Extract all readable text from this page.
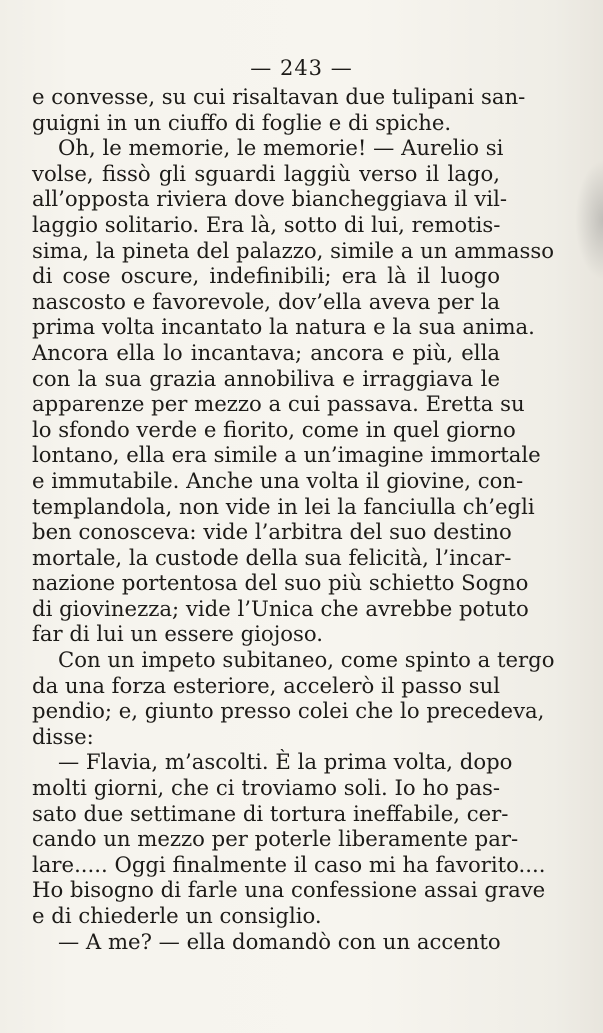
— 243 —
e convesse, su cui risaltavan due tulipani san-
guigni in un ciuffo di foglie e di spiche.
Oh, le memorie, le memorie! — Aurelio si
volse, fissò gli sguardi laggiù verso il lago,
all’opposta riviera dove biancheggiava il vil-
laggio solitario. Era là, sotto di lui, remotis-
sima, la pineta del palazzo, simile a un ammasso
di cose oscure, indefinibili; era là il luogo
nascosto e favorevole, dov’ella aveva per la
prima volta incantato la natura e la sua anima.
Ancora ella lo incantava; ancora e più, ella
con la sua grazia annobiliva e irraggiava le
apparenze per mezzo a cui passava. Eretta su
lo sfondo verde e fiorito, come in quel giorno
lontano, ella era simile a un’imagine immortale
e immutabile. Anche una volta il giovine, con-
templandola, non vide in lei la fanciulla ch’egli
ben conosceva: vide l’arbitra del suo destino
mortale, la custode della sua felicità, l’incar-
nazione portentosa del suo più schietto Sogno
di giovinezza; vide l’Unica che avrebbe potuto
far di lui un essere giojoso.
Con un impeto subitaneo, come spinto a tergo
da una forza esteriore, accelerò il passo sul
pendio; e, giunto presso colei che lo precedeva,
disse:
— Flavia, m’ascolti. È la prima volta, dopo
molti giorni, che ci troviamo soli. Io ho pas-
sato due settimane di tortura ineffabile, cer-
cando un mezzo per poterle liberamente par-
lare..... Oggi finalmente il caso mi ha favorito....
Ho bisogno di farle una confessione assai grave
e di chiederle un consiglio.
— A me? — ella domandò con un accento
